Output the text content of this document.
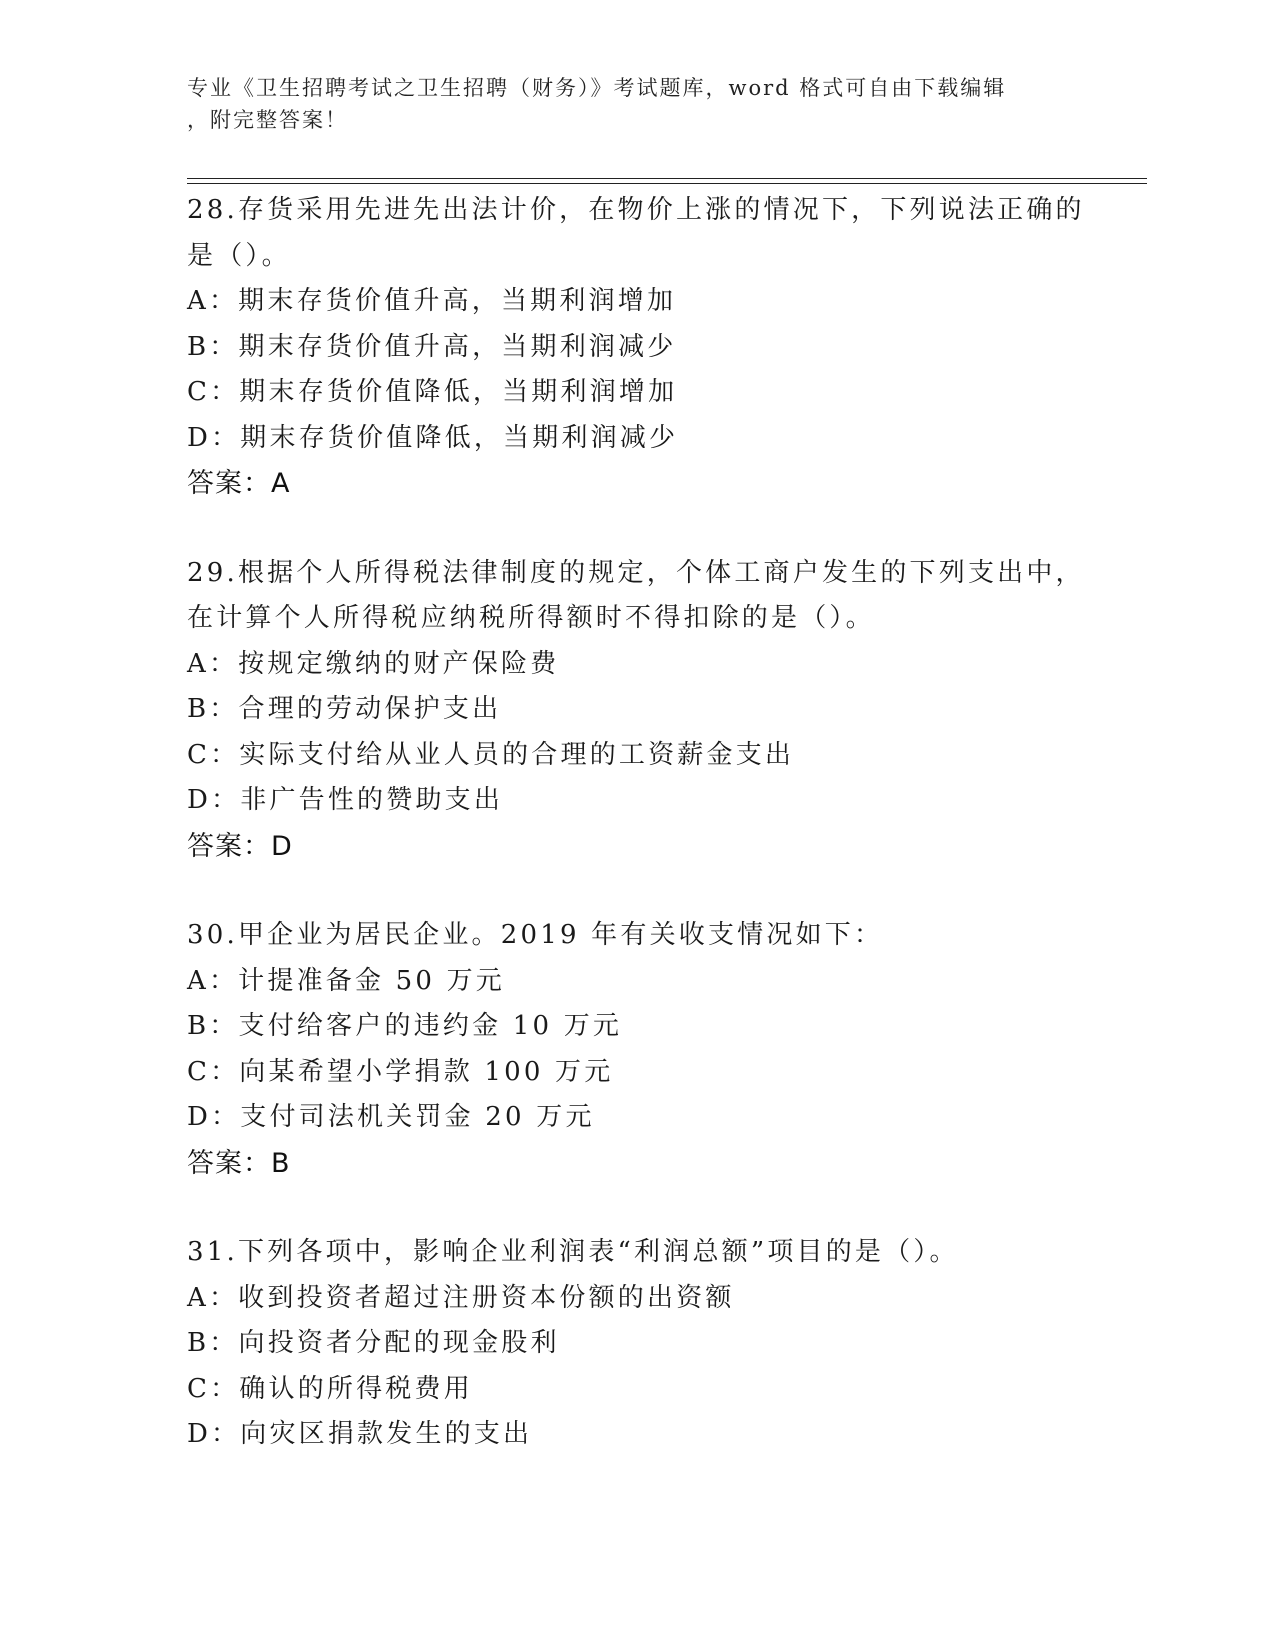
专业《卫生招聘考试之卫生招聘（财务）》考试题库，word 格式可自由下载编辑
，附完整答案！
28.存货采用先进先出法计价，在物价上涨的情况下，下列说法正确的
是（）。
A：期末存货价值升高，当期利润增加
B：期末存货价值升高，当期利润减少
C：期末存货价值降低，当期利润增加
D：期末存货价值降低，当期利润减少
答案：A
29.根据个人所得税法律制度的规定，个体工商户发生的下列支出中，
在计算个人所得税应纳税所得额时不得扣除的是（）。
A：按规定缴纳的财产保险费
B：合理的劳动保护支出
C：实际支付给从业人员的合理的工资薪金支出
D：非广告性的赞助支出
答案：D
30.甲企业为居民企业。2019 年有关收支情况如下：
A：计提准备金 50 万元
B：支付给客户的违约金 10 万元
C：向某希望小学捐款 100 万元
D：支付司法机关罚金 20 万元
答案：B
31.下列各项中，影响企业利润表“利润总额”项目的是（）。
A：收到投资者超过注册资本份额的出资额
B：向投资者分配的现金股利
C：确认的所得税费用
D：向灾区捐款发生的支出
